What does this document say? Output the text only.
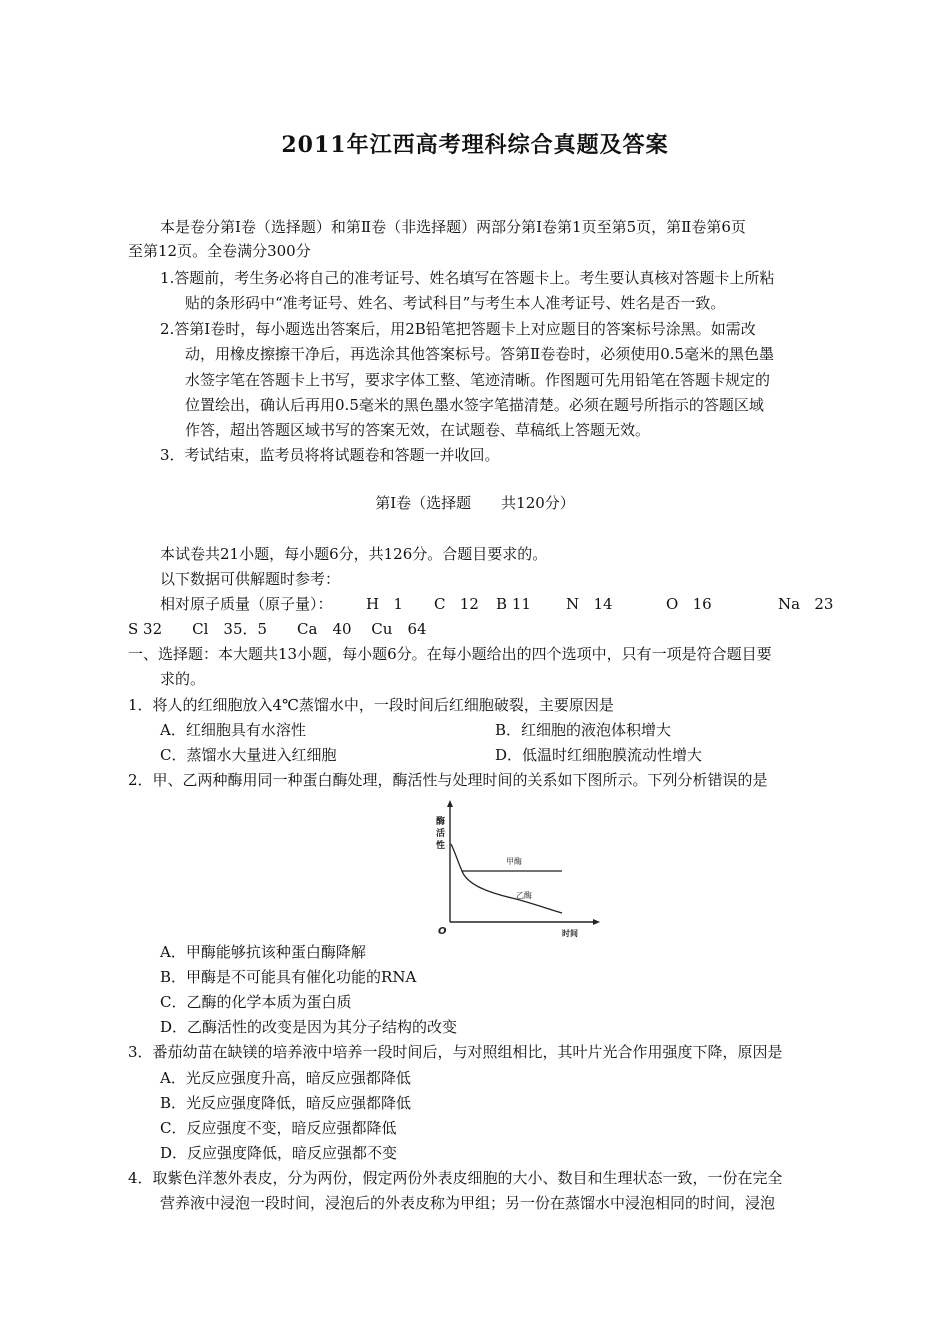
2011年江西高考理科综合真题及答案
本是卷分第Ⅰ卷（选择题）和第Ⅱ卷（非选择题）两部分第Ⅰ卷第1页至第5页，第Ⅱ卷第6页
至第12页。全卷满分300分
1.答题前，考生务必将自己的准考证号、姓名填写在答题卡上。考生要认真核对答题卡上所粘
贴的条形码中“准考证号、姓名、考试科目”与考生本人准考证号、姓名是否一致。
2.答第Ⅰ卷时，每小题选出答案后，用2B铅笔把答题卡上对应题目的答案标号涂黑。如需改
动，用橡皮擦擦干净后，再选涂其他答案标号。答第Ⅱ卷卷时，必须使用0.5毫米的黑色墨
水签字笔在答题卡上书写，要求字体工整、笔迹清晰。作图题可先用铅笔在答题卡规定的
位置绘出，确认后再用0.5毫米的黑色墨水签字笔描清楚。必须在题号所指示的答题区域
作答，超出答题区域书写的答案无效，在试题卷、草稿纸上答题无效。
3．考试结束，监考员将将试题卷和答题一并收回。
第Ⅰ卷（选择题　　共120分）
本试卷共21小题，每小题6分，共126分。合题目要求的。
以下数据可供解题时参考：
相对原子质量（原子量）： H 1 C 12 B 11 N 14	O 16	Na 23
S 32　　Cl　35．5　　Ca　40　 Cu　64
一、选择题：本大题共13小题，每小题6分。在每小题给出的四个选项中，只有一项是符合题目要
求的。
1．将人的红细胞放入4℃蒸馏水中，一段时间后红细胞破裂，主要原因是
A．红细胞具有水溶性	B．红细胞的液泡体积增大
C．蒸馏水大量进入红细胞	D．低温时红细胞膜流动性增大
2．甲、乙两种酶用同一种蛋白酶处理，酶活性与处理时间的关系如下图所示。下列分析错误的是
酶
活
性
甲酶
乙酶
O	时间
A．甲酶能够抗该种蛋白酶降解
B．甲酶是不可能具有催化功能的RNA
C．乙酶的化学本质为蛋白质
D．乙酶活性的改变是因为其分子结构的改变
3．番茄幼苗在缺镁的培养液中培养一段时间后，与对照组相比，其叶片光合作用强度下降，原因是
A．光反应强度升高，暗反应强都降低
B．光反应强度降低，暗反应强都降低
C．反应强度不变，暗反应强都降低
D．反应强度降低，暗反应强都不变
4．取紫色洋葱外表皮，分为两份，假定两份外表皮细胞的大小、数目和生理状态一致，一份在完全
营养液中浸泡一段时间，浸泡后的外表皮称为甲组；另一份在蒸馏水中浸泡相同的时间，浸泡
